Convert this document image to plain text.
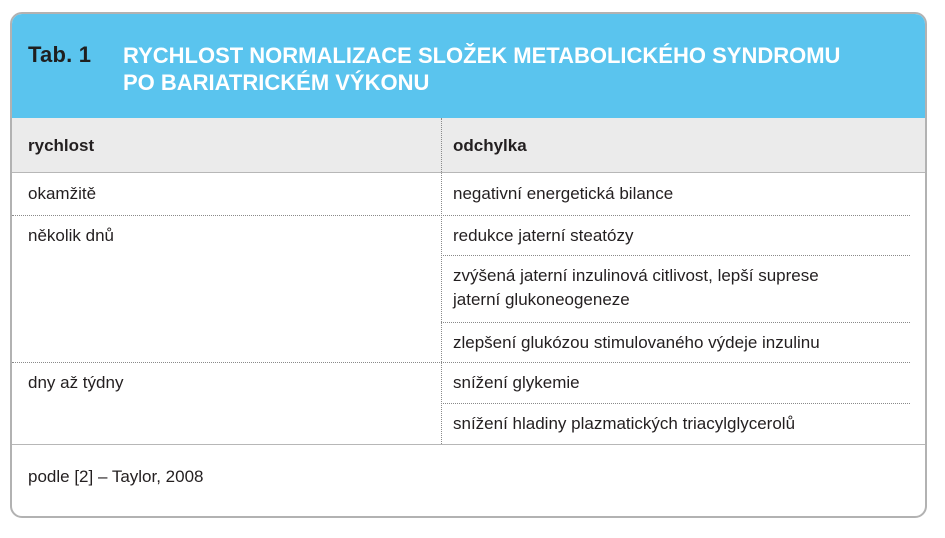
Tab. 1 RYCHLOST NORMALIZACE SLOŽEK METABOLICKÉHO SYNDROMU
PO BARIATRICKÉM VÝKONU
rychlost	odchylka
okamžitě	negativní energetická bilance
několik dnů	redukce jaterní steatózy
zvýšená jaterní inzulinová citlivost, lepší suprese
jaterní glukoneogeneze
zlepšení glukózou stimulovaného výdeje inzulinu
dny až týdny	snížení glykemie
snížení hladiny plazmatických triacylglycerolů
podle [2] – Taylor, 2008
